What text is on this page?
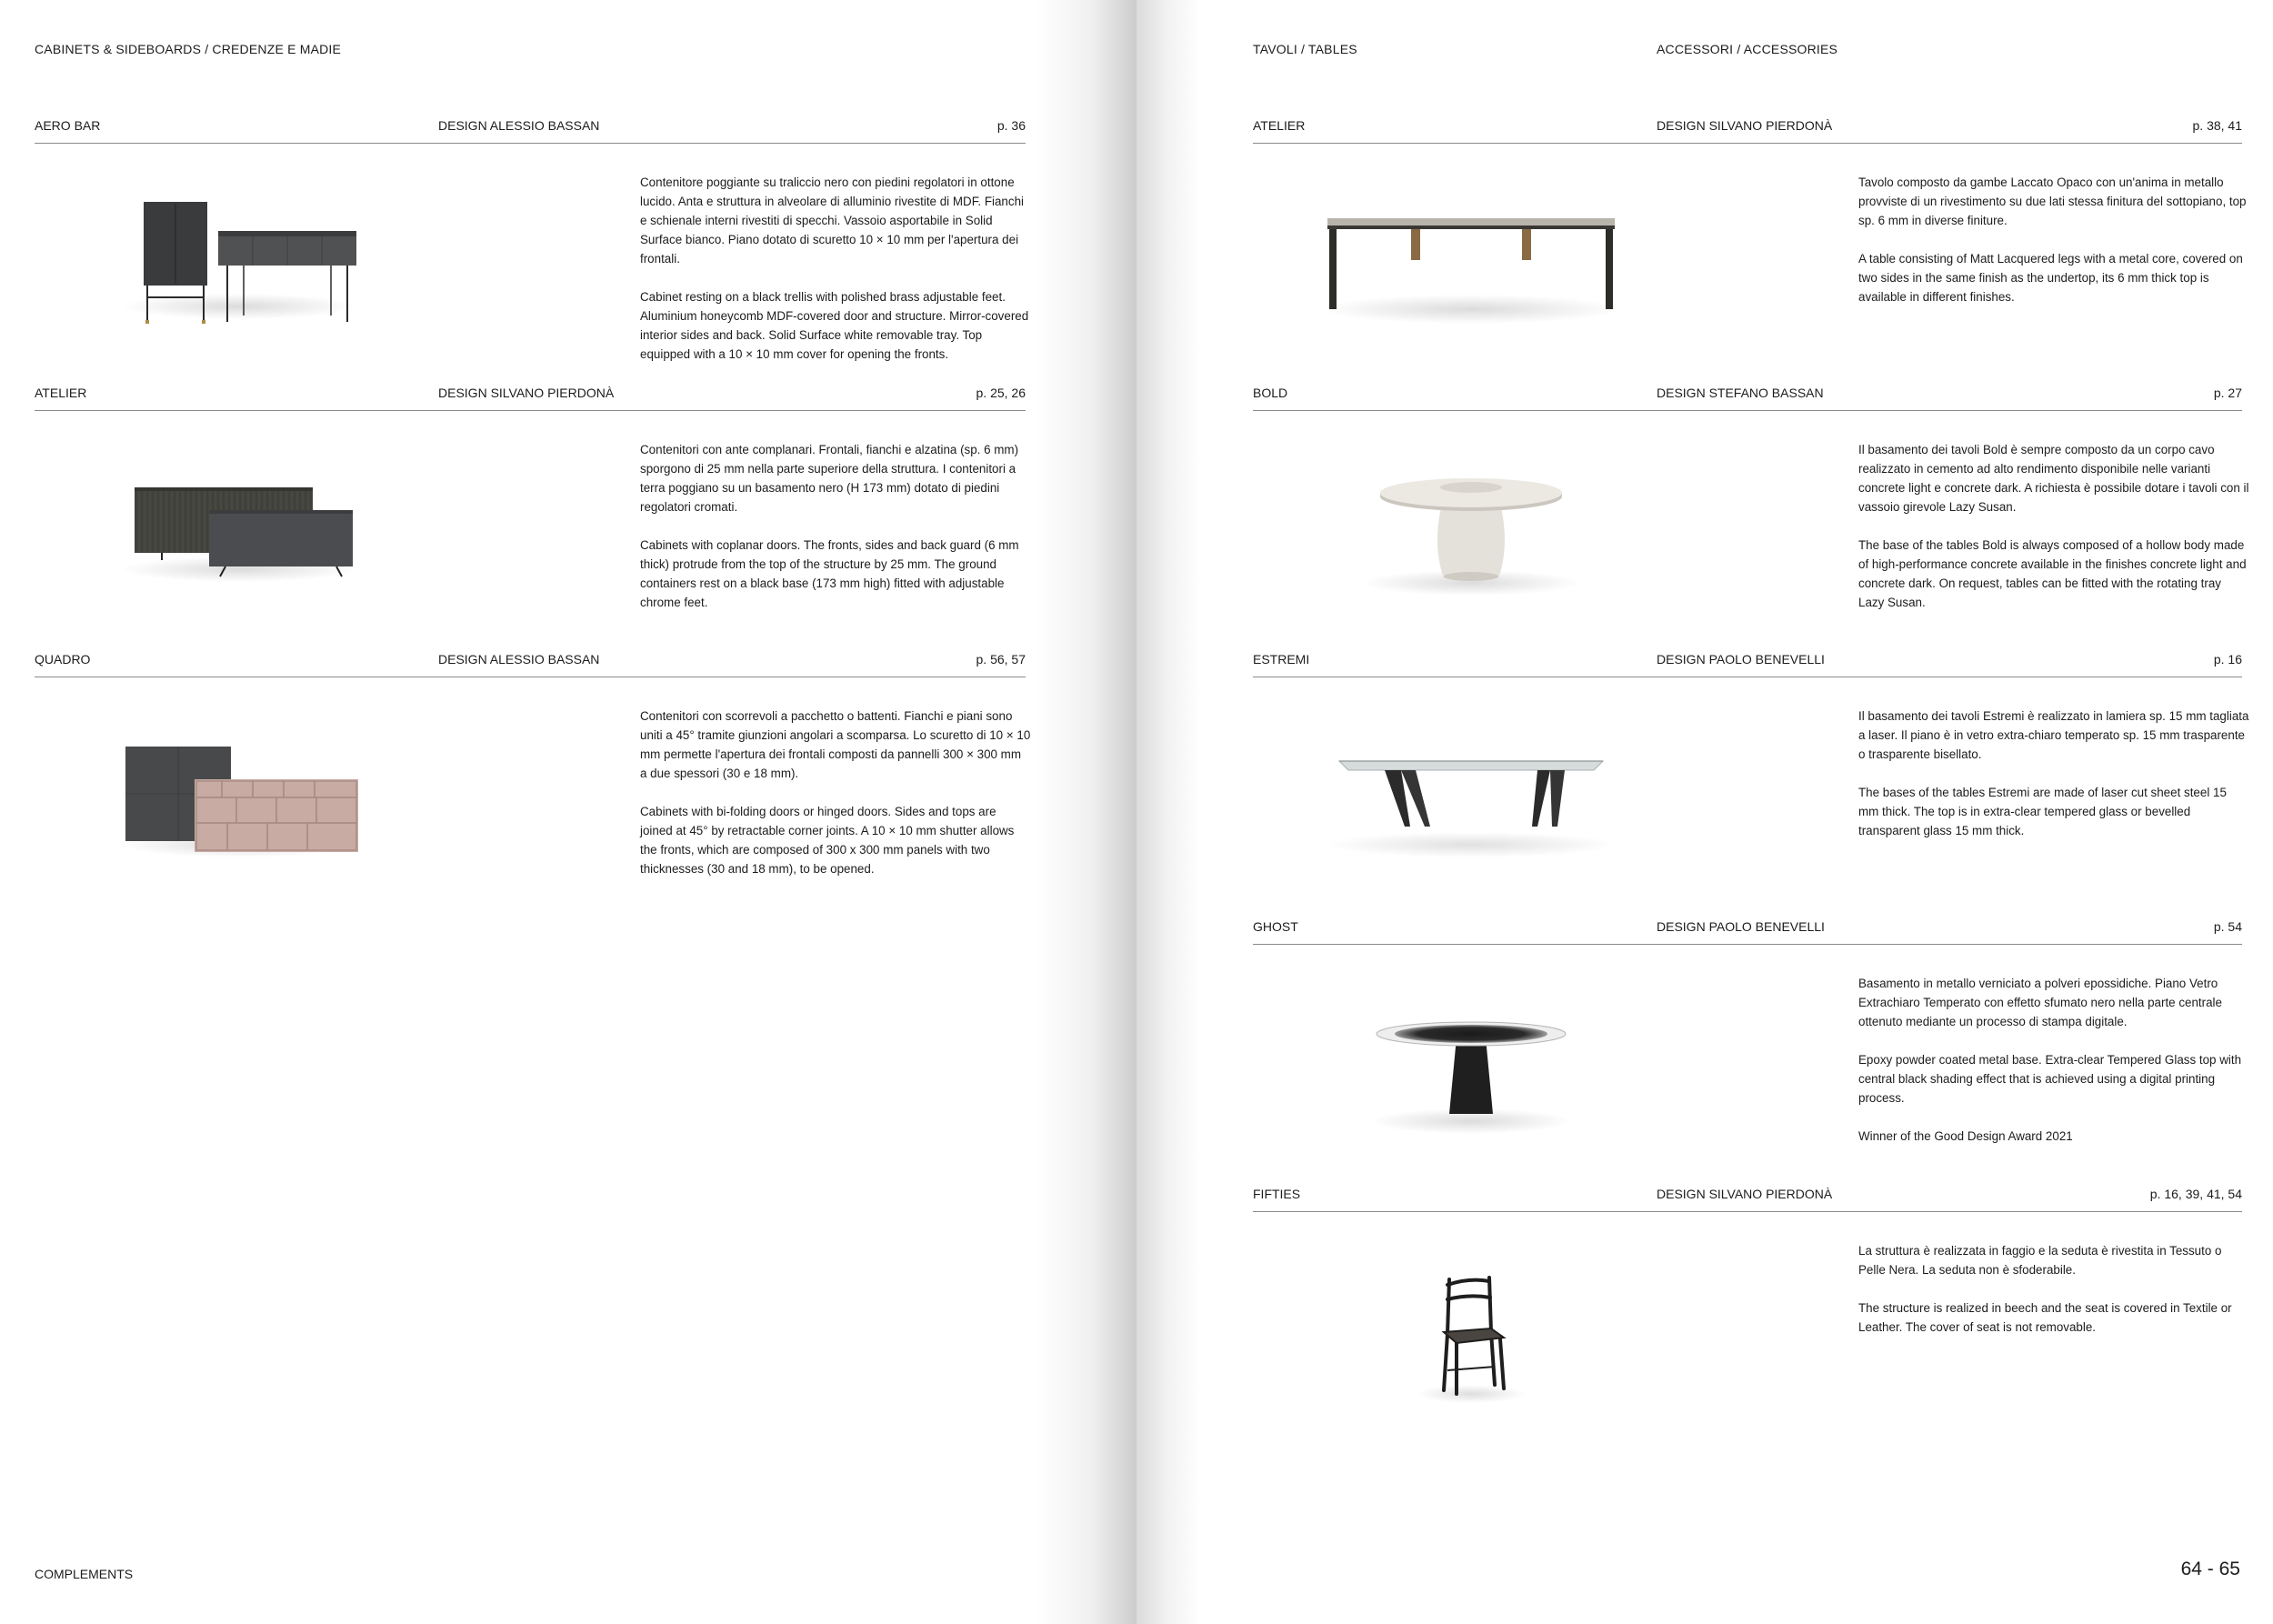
CABINETS & SIDEBOARDS / CREDENZE E MADIE
AERO BAR	DESIGN ALESSIO BASSAN	p. 36

Contenitore poggiante su traliccio nero con piedini regolatori in ottone lucido. Anta e struttura in alveolare di alluminio rivestite di MDF. Fianchi e schienale interni rivestiti di specchi. Vassoio asportabile in Solid Surface bianco. Piano dotato di scuretto 10 × 10 mm per l'apertura dei frontali.

Cabinet resting on a black trellis with polished brass adjustable feet. Aluminium honeycomb MDF-covered door and structure. Mirror-covered interior sides and back. Solid Surface white removable tray. Top equipped with a 10 × 10 mm cover for opening the fronts.

ATELIER	DESIGN SILVANO PIERDONÀ	p. 25, 26

Contenitori con ante complanari. Frontali, fianchi e alzatina (sp. 6 mm) sporgono di 25 mm nella parte superiore della struttura. I contenitori a terra poggiano su un basamento nero (H 173 mm) dotato di piedini regolatori cromati.

Cabinets with coplanar doors. The fronts, sides and back guard (6 mm thick) protrude from the top of the structure by 25 mm. The ground containers rest on a black base (173 mm high) fitted with adjustable chrome feet.

QUADRO	DESIGN ALESSIO BASSAN	p. 56, 57

Contenitori con scorrevoli a pacchetto o battenti. Fianchi e piani sono uniti a 45° tramite giunzioni angolari a scomparsa. Lo scuretto di 10 × 10 mm permette l'apertura dei frontali composti da pannelli 300 × 300 mm a due spessori (30 e 18 mm).

Cabinets with bi-folding doors or hinged doors. Sides and tops are joined at 45° by retractable corner joints. A 10 × 10 mm shutter allows the fronts, which are composed of 300 x 300 mm panels with two thicknesses (30 and 18 mm), to be opened.

COMPLEMENTS
TAVOLI / TABLES	ACCESSORI / ACCESSORIES
ATELIER	DESIGN SILVANO PIERDONÀ	p. 38, 41

Tavolo composto da gambe Laccato Opaco con un'anima in metallo provviste di un rivestimento su due lati stessa finitura del sottopiano, top sp. 6 mm in diverse finiture.

A table consisting of Matt Lacquered legs with a metal core, covered on two sides in the same finish as the undertop, its 6 mm thick top is available in different finishes.

BOLD	DESIGN STEFANO BASSAN	p. 27

Il basamento dei tavoli Bold è sempre composto da un corpo cavo realizzato in cemento ad alto rendimento disponibile nelle varianti concrete light e concrete dark. A richiesta è possibile dotare i tavoli con il vassoio girevole Lazy Susan.

The base of the tables Bold is always composed of a hollow body made of high-performance concrete available in the finishes concrete light and concrete dark. On request, tables can be fitted with the rotating tray Lazy Susan.

ESTREMI	DESIGN PAOLO BENEVELLI	p. 16

Il basamento dei tavoli Estremi è realizzato in lamiera sp. 15 mm tagliata a laser. Il piano è in vetro extra-chiaro temperato sp. 15 mm trasparente o trasparente bisellato.

The bases of the tables Estremi are made of laser cut sheet steel 15 mm thick. The top is in extra-clear tempered glass or bevelled transparent glass 15 mm thick.

GHOST	DESIGN PAOLO BENEVELLI	p. 54

Basamento in metallo verniciato a polveri epossidiche. Piano Vetro Extrachiaro Temperato con effetto sfumato nero nella parte centrale ottenuto mediante un processo di stampa digitale.

Epoxy powder coated metal base. Extra-clear Tempered Glass top with central black shading effect that is achieved using a digital printing process.

Winner of the Good Design Award 2021

FIFTIES	DESIGN SILVANO PIERDONÀ	p. 16, 39, 41, 54

La struttura è realizzata in faggio e la seduta è rivestita in Tessuto o Pelle Nera. La seduta non è sfoderabile.

The structure is realized in beech and the seat is covered in Textile or Leather. The cover of seat is not removable.

64 - 65
